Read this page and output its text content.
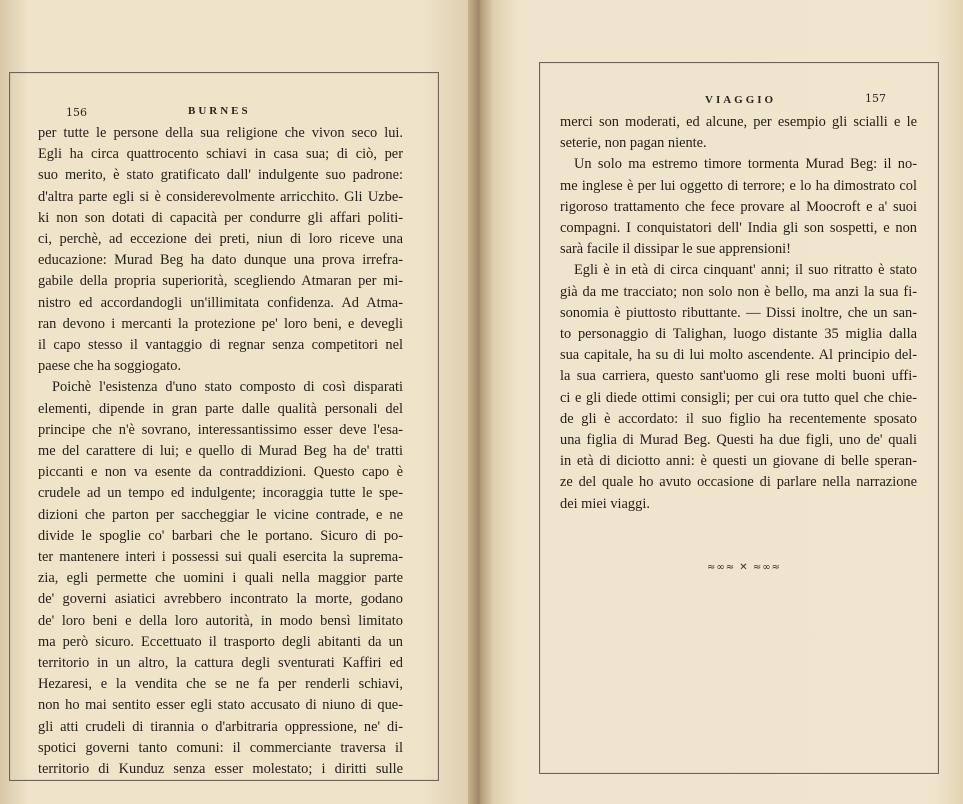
156	BURNES
per tutte le persone della sua religione che vivon seco lui.
Egli ha circa quattrocento schiavi in casa sua; di ciò, per
suo merito, è stato gratificato dall' indulgente suo padrone:
d'altra parte egli si è considerevolmente arricchito. Gli Uzbe-
ki non son dotati di capacità per condurre gli affari politi-
ci, perchè, ad eccezione dei preti, niun di loro riceve una
educazione: Murad Beg ha dato dunque una prova irrefra-
gabile della propria superiorità, scegliendo Atmaran per mi-
nistro ed accordandogli un'illimitata confidenza. Ad Atma-
ran devono i mercanti la protezione pe' loro beni, e devegli
il capo stesso il vantaggio di regnar senza competitori nel
paese che ha soggiogato.
Poichè l'esistenza d'uno stato composto di così disparati
elementi, dipende in gran parte dalle qualità personali del
principe che n'è sovrano, interessantissimo esser deve l'esa-
me del carattere di lui; e quello di Murad Beg ha de' tratti
piccanti e non va esente da contraddizioni. Questo capo è
crudele ad un tempo ed indulgente; incoraggia tutte le spe-
dizioni che parton per saccheggiar le vicine contrade, e ne
divide le spoglie co' barbari che le portano. Sicuro di po-
ter mantenere interi i possessi sui quali esercita la suprema-
zia, egli permette che uomini i quali nella maggior parte
de' governi asiatici avrebbero incontrato la morte, godano
de' loro beni e della loro autorità, in modo bensì limitato
ma però sicuro. Eccettuato il trasporto degli abitanti da un
territorio in un altro, la cattura degli sventurati Kaffiri ed
Hezaresi, e la vendita che se ne fa per renderli schiavi,
non ho mai sentito esser egli stato accusato di niuno di que-
gli atti crudeli di tirannia o d'arbitraria oppressione, ne' di-
spotici governi tanto comuni: il commerciante traversa il
territorio di Kunduz senza esser molestato; i diritti sulle

VIAGGIO	157
merci son moderati, ed alcune, per esempio gli scialli e le
seterie, non pagan niente.
Un solo ma estremo timore tormenta Murad Beg: il no-
me inglese è per lui oggetto di terrore; e lo ha dimostrato col
rigoroso trattamento che fece provare al Moocroft e a' suoi
compagni. I conquistatori dell' India gli son sospetti, e non
sarà facile il dissipar le sue apprensioni!
Egli è in età di circa cinquant' anni; il suo ritratto è stato
già da me tracciato; non solo non è bello, ma anzi la sua fi-
sonomia è piuttosto ributtante. — Dissi inoltre, che un san-
to personaggio di Talighan, luogo distante 35 miglia dalla
sua capitale, ha su di lui molto ascendente. Al principio del-
la sua carriera, questo sant'uomo gli rese molti buoni uffi-
ci e gli diede ottimi consigli; per cui ora tutto quel che chie-
de gli è accordato: il suo figlio ha recentemente sposato
una figlia di Murad Beg. Questi ha due figli, uno de' quali
in età di diciotto anni: è questi un giovane di belle speran-
ze del quale ho avuto occasione di parlare nella narrazione
dei miei viaggi.
≈∞≈ ✕ ≈∞≈
